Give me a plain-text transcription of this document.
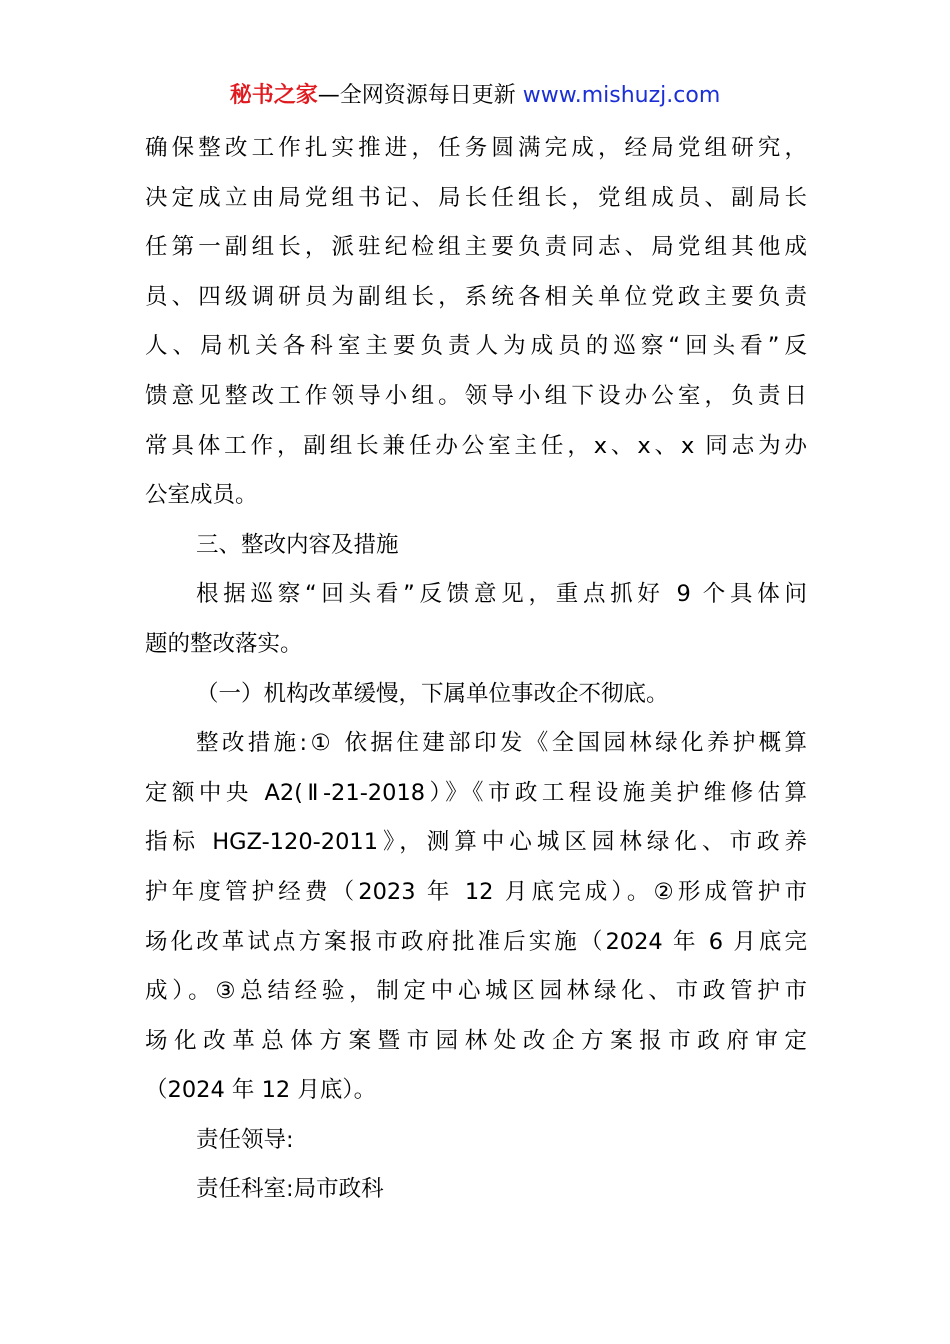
秘书之家—全网资源每日更新 www.mishuzj.com
确保整改工作扎实推进，任务圆满完成，经局党组研究，
决定成立由局党组书记、局长任组长，党组成员、副局长
任第一副组长，派驻纪检组主要负责同志、局党组其他成
员、四级调研员为副组长，系统各相关单位党政主要负责
人、局机关各科室主要负责人为成员的巡察“回头看”反
馈意见整改工作领导小组。领导小组下设办公室，负责日
常具体工作，副组长兼任办公室主任，x、x、x 同志为办
公室成员。
三、整改内容及措施
根据巡察“回头看”反馈意见，重点抓好 9 个具体问
题的整改落实。
（一）机构改革缓慢，下属单位事改企不彻底。
整改措施:① 依据住建部印发《全国园林绿化养护概算
定额中央 A2(Ⅱ-21-2018）》《市政工程设施美护维修估算
指标 HGZ-120-2011》，测算中心城区园林绿化、市政养
护年度管护经费（2023 年 12 月底完成）。②形成管护市
场化改革试点方案报市政府批准后实施（2024 年 6 月底完
成）。③总结经验，制定中心城区园林绿化、市政管护市
场化改革总体方案暨市园林处改企方案报市政府审定
（2024 年 12 月底）。
责任领导:
责任科室:局市政科
